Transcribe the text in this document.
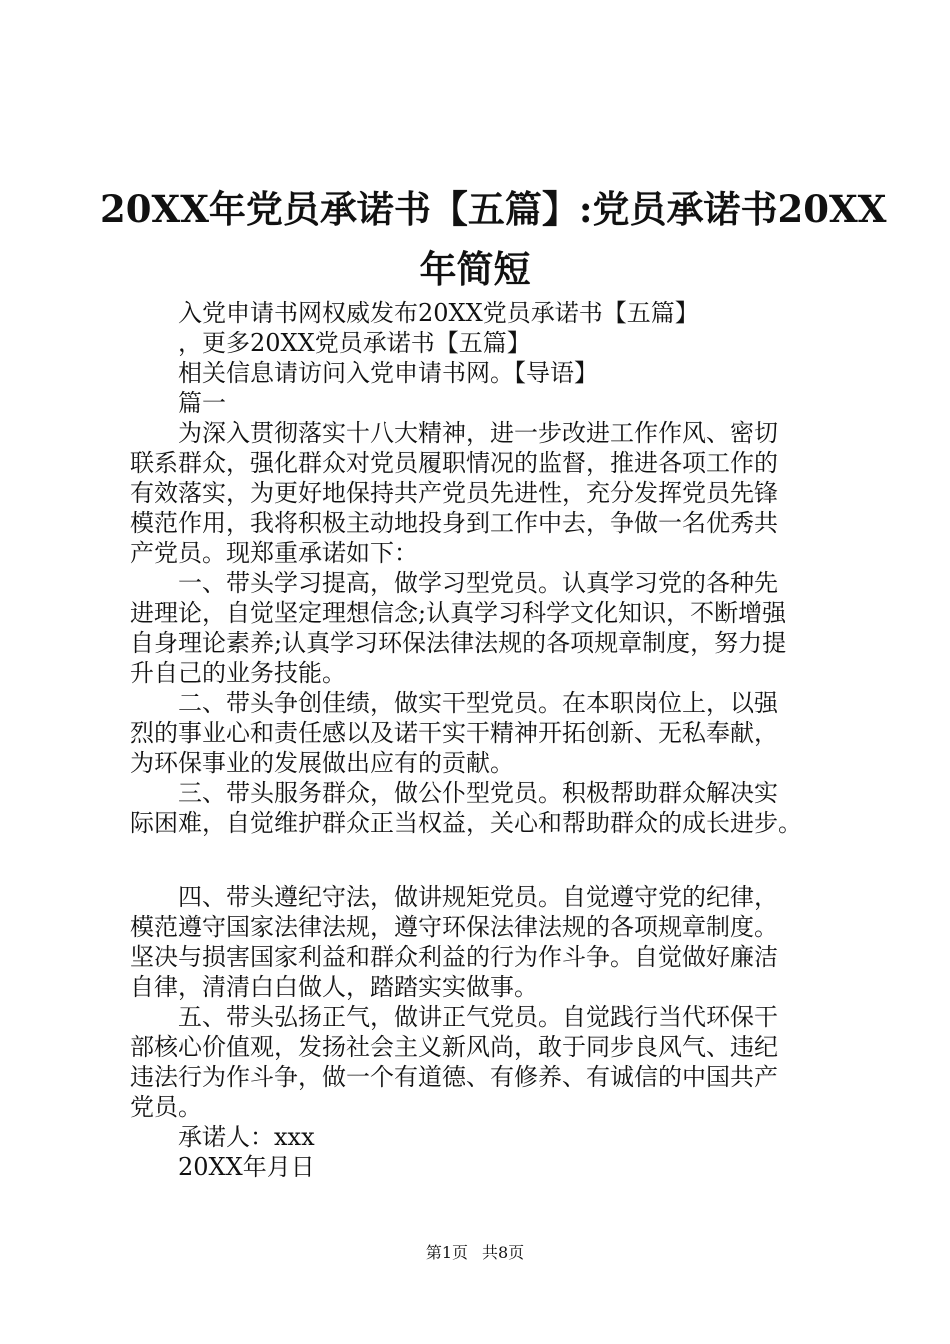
20XX年党员承诺书【五篇】:党员承诺书20XX
年简短
入党申请书网权威发布20XX党员承诺书【五篇】
，更多20XX党员承诺书【五篇】
相关信息请访问入党申请书网。【导语】
篇一
为深入贯彻落实十八大精神，进一步改进工作作风、密切
联系群众，强化群众对党员履职情况的监督，推进各项工作的
有效落实，为更好地保持共产党员先进性，充分发挥党员先锋
模范作用，我将积极主动地投身到工作中去，争做一名优秀共
产党员。现郑重承诺如下：
一、带头学习提高，做学习型党员。认真学习党的各种先
进理论，自觉坚定理想信念;认真学习科学文化知识，不断增强
自身理论素养;认真学习环保法律法规的各项规章制度，努力提
升自己的业务技能。
二、带头争创佳绩，做实干型党员。在本职岗位上，以强
烈的事业心和责任感以及诺干实干精神开拓创新、无私奉献，
为环保事业的发展做出应有的贡献。
三、带头服务群众，做公仆型党员。积极帮助群众解决实
际困难，自觉维护群众正当权益，关心和帮助群众的成长进步。
四、带头遵纪守法，做讲规矩党员。自觉遵守党的纪律，
模范遵守国家法律法规，遵守环保法律法规的各项规章制度。
坚决与损害国家利益和群众利益的行为作斗争。自觉做好廉洁
自律，清清白白做人，踏踏实实做事。
五、带头弘扬正气，做讲正气党员。自觉践行当代环保干
部核心价值观，发扬社会主义新风尚，敢于同步良风气、违纪
违法行为作斗争，做一个有道德、有修养、有诚信的中国共产
党员。
承诺人：xxx
20XX年月日
第1页 共8页
